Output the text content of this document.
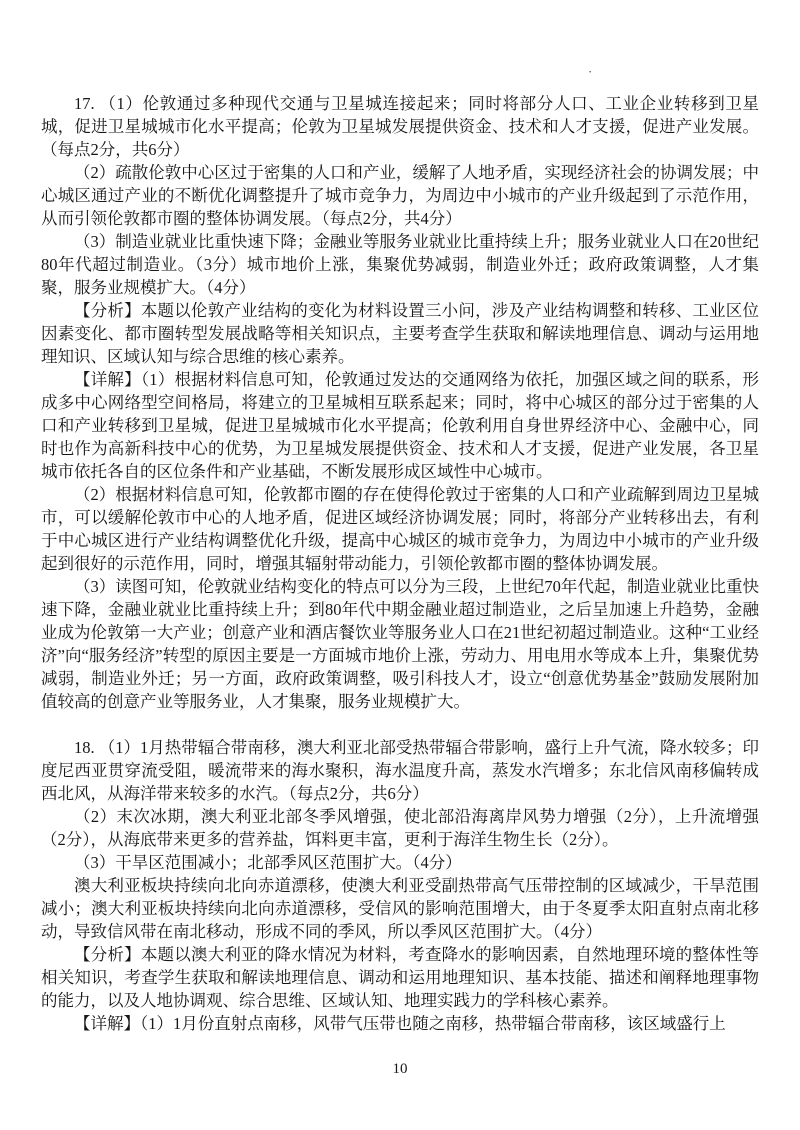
·

17. （1）伦敦通过多种现代交通与卫星城连接起来；同时将部分人口、工业企业转移到卫星城，促进卫星城城市化水平提高；伦敦为卫星城发展提供资金、技术和人才支援，促进产业发展。（每点2分，共6分）

（2）疏散伦敦中心区过于密集的人口和产业，缓解了人地矛盾，实现经济社会的协调发展；中心城区通过产业的不断优化调整提升了城市竞争力，为周边中小城市的产业升级起到了示范作用，从而引领伦敦都市圈的整体协调发展。（每点2分，共4分）

（3）制造业就业比重快速下降；金融业等服务业就业比重持续上升；服务业就业人口在20世纪80年代超过制造业。（3分）城市地价上涨，集聚优势减弱，制造业外迁；政府政策调整，人才集聚，服务业规模扩大。（4分）

【分析】本题以伦敦产业结构的变化为材料设置三小问，涉及产业结构调整和转移、工业区位因素变化、都市圈转型发展战略等相关知识点，主要考查学生获取和解读地理信息、调动与运用地理知识、区域认知与综合思维的核心素养。

【详解】（1）根据材料信息可知，伦敦通过发达的交通网络为依托，加强区域之间的联系，形成多中心网络型空间格局，将建立的卫星城相互联系起来；同时，将中心城区的部分过于密集的人口和产业转移到卫星城，促进卫星城城市化水平提高；伦敦利用自身世界经济中心、金融中心，同时也作为高新科技中心的优势，为卫星城发展提供资金、技术和人才支援，促进产业发展，各卫星城市依托各自的区位条件和产业基础，不断发展形成区域性中心城市。

（2）根据材料信息可知，伦敦都市圈的存在使得伦敦过于密集的人口和产业疏解到周边卫星城市，可以缓解伦敦市中心的人地矛盾，促进区域经济协调发展；同时，将部分产业转移出去，有利于中心城区进行产业结构调整优化升级，提高中心城区的城市竞争力，为周边中小城市的产业升级起到很好的示范作用，同时，增强其辐射带动能力，引领伦敦都市圈的整体协调发展。

（3）读图可知，伦敦就业结构变化的特点可以分为三段，上世纪70年代起，制造业就业比重快速下降，金融业就业比重持续上升；到80年代中期金融业超过制造业，之后呈加速上升趋势，金融业成为伦敦第一大产业；创意产业和酒店餐饮业等服务业人口在21世纪初超过制造业。这种“工业经济”向“服务经济”转型的原因主要是一方面城市地价上涨，劳动力、用电用水等成本上升，集聚优势减弱，制造业外迁；另一方面，政府政策调整，吸引科技人才，设立“创意优势基金”鼓励发展附加值较高的创意产业等服务业，人才集聚，服务业规模扩大。

18. （1）1月热带辐合带南移，澳大利亚北部受热带辐合带影响，盛行上升气流，降水较多；印度尼西亚贯穿流受阻，暖流带来的海水聚积，海水温度升高，蒸发水汽增多；东北信风南移偏转成西北风，从海洋带来较多的水汽。（每点2分，共6分）

（2）末次冰期，澳大利亚北部冬季风增强，使北部沿海离岸风势力增强（2分），上升流增强（2分），从海底带来更多的营养盐，饵料更丰富，更利于海洋生物生长（2分）。

（3）干旱区范围减小；北部季风区范围扩大。（4分）

澳大利亚板块持续向北向赤道漂移，使澳大利亚受副热带高气压带控制的区域减少，干旱范围减小；澳大利亚板块持续向北向赤道漂移，受信风的影响范围增大，由于冬夏季太阳直射点南北移动，导致信风带在南北移动，形成不同的季风，所以季风区范围扩大。（4分）

【分析】本题以澳大利亚的降水情况为材料，考查降水的影响因素，自然地理环境的整体性等相关知识，考查学生获取和解读地理信息、调动和运用地理知识、基本技能、描述和阐释地理事物的能力，以及人地协调观、综合思维、区域认知、地理实践力的学科核心素养。

【详解】（1）1月份直射点南移，风带气压带也随之南移，热带辐合带南移，该区域盛行上

10
